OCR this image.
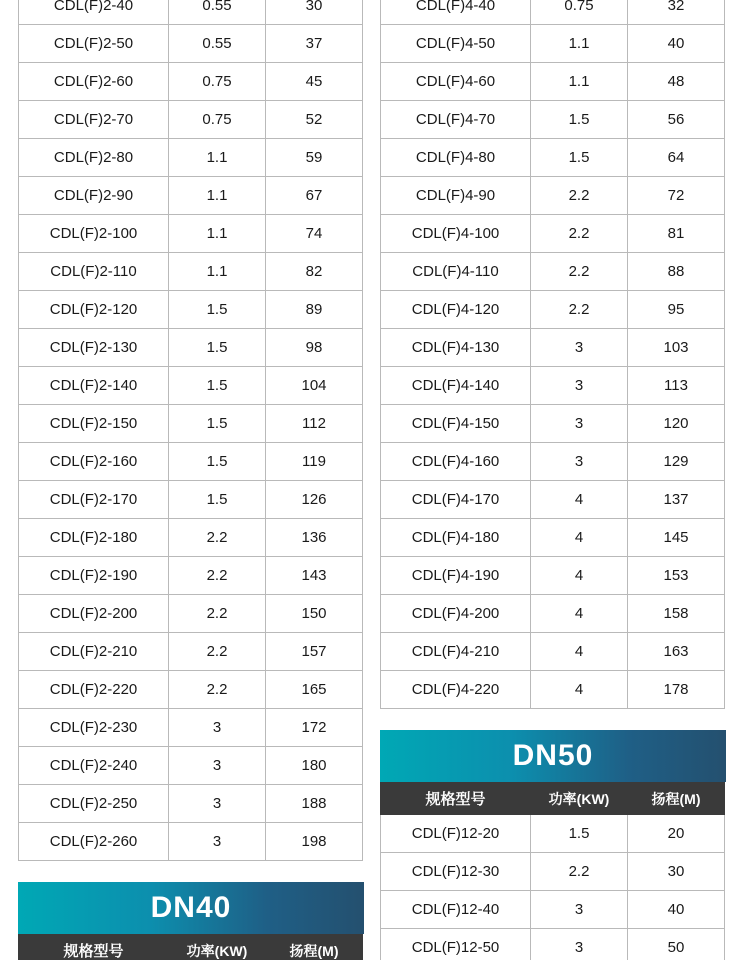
CDL(F)2-40	0.55	30
CDL(F)2-50	0.55	37
CDL(F)2-60	0.75	45
CDL(F)2-70	0.75	52
CDL(F)2-80	1.1	59
CDL(F)2-90	1.1	67
CDL(F)2-100	1.1	74
CDL(F)2-110	1.1	82
CDL(F)2-120	1.5	89
CDL(F)2-130	1.5	98
CDL(F)2-140	1.5	104
CDL(F)2-150	1.5	112
CDL(F)2-160	1.5	119
CDL(F)2-170	1.5	126
CDL(F)2-180	2.2	136
CDL(F)2-190	2.2	143
CDL(F)2-200	2.2	150
CDL(F)2-210	2.2	157
CDL(F)2-220	2.2	165
CDL(F)2-230	3	172
CDL(F)2-240	3	180
CDL(F)2-250	3	188
CDL(F)2-260	3	198
CDL(F)4-40	0.75	32
CDL(F)4-50	1.1	40
CDL(F)4-60	1.1	48
CDL(F)4-70	1.5	56
CDL(F)4-80	1.5	64
CDL(F)4-90	2.2	72
CDL(F)4-100	2.2	81
CDL(F)4-110	2.2	88
CDL(F)4-120	2.2	95
CDL(F)4-130	3	103
CDL(F)4-140	3	113
CDL(F)4-150	3	120
CDL(F)4-160	3	129
CDL(F)4-170	4	137
CDL(F)4-180	4	145
CDL(F)4-190	4	153
CDL(F)4-200	4	158
CDL(F)4-210	4	163
CDL(F)4-220	4	178
DN50
规格型号	功率(KW)	扬程(M)
CDL(F)12-20	1.5	20
CDL(F)12-30	2.2	30
CDL(F)12-40	3	40
CDL(F)12-50	3	50
DN40
规格型号	功率(KW)	扬程(M)
